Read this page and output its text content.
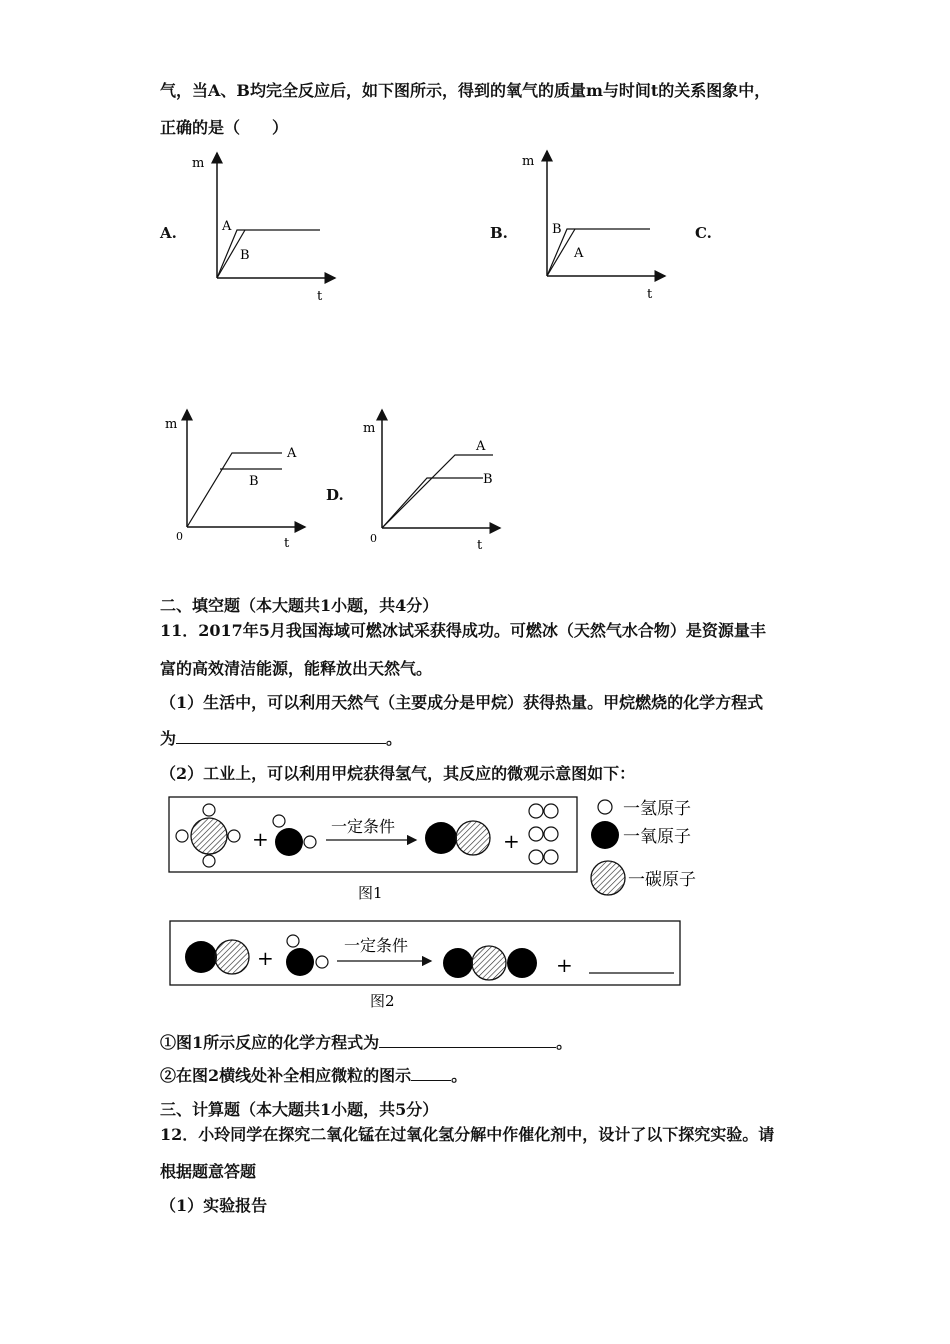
气，当A、B均完全反应后，如下图所示，得到的氧气的质量m与时间t的关系图象中，
正确的是（　　）
A.
m
t
A
B
B.
m
t
B
A
C.
m
0	t
A
B
D.
m
0	t
A
B
二、填空题（本大题共1小题，共4分）
11．2017年5月我国海域可燃冰试采获得成功。可燃冰（天然气水合物）是资源量丰
富的高效清洁能源，能释放出天然气。
（1）生活中，可以利用天然气（主要成分是甲烷）获得热量。甲烷燃烧的化学方程式
为	。
（2）工业上，可以利用甲烷获得氢气，其反应的微观示意图如下：
+
一定条件
+
图1
一氢原子
一氧原子
一碳原子
+
一定条件
+
图2
①图1所示反应的化学方程式为	。
②在图2横线处补全相应微粒的图示	。
三、计算题（本大题共1小题，共5分）
12．小玲同学在探究二氧化锰在过氧化氢分解中作催化剂中，设计了以下探究实验。请
根据题意答题
（1）实验报告
